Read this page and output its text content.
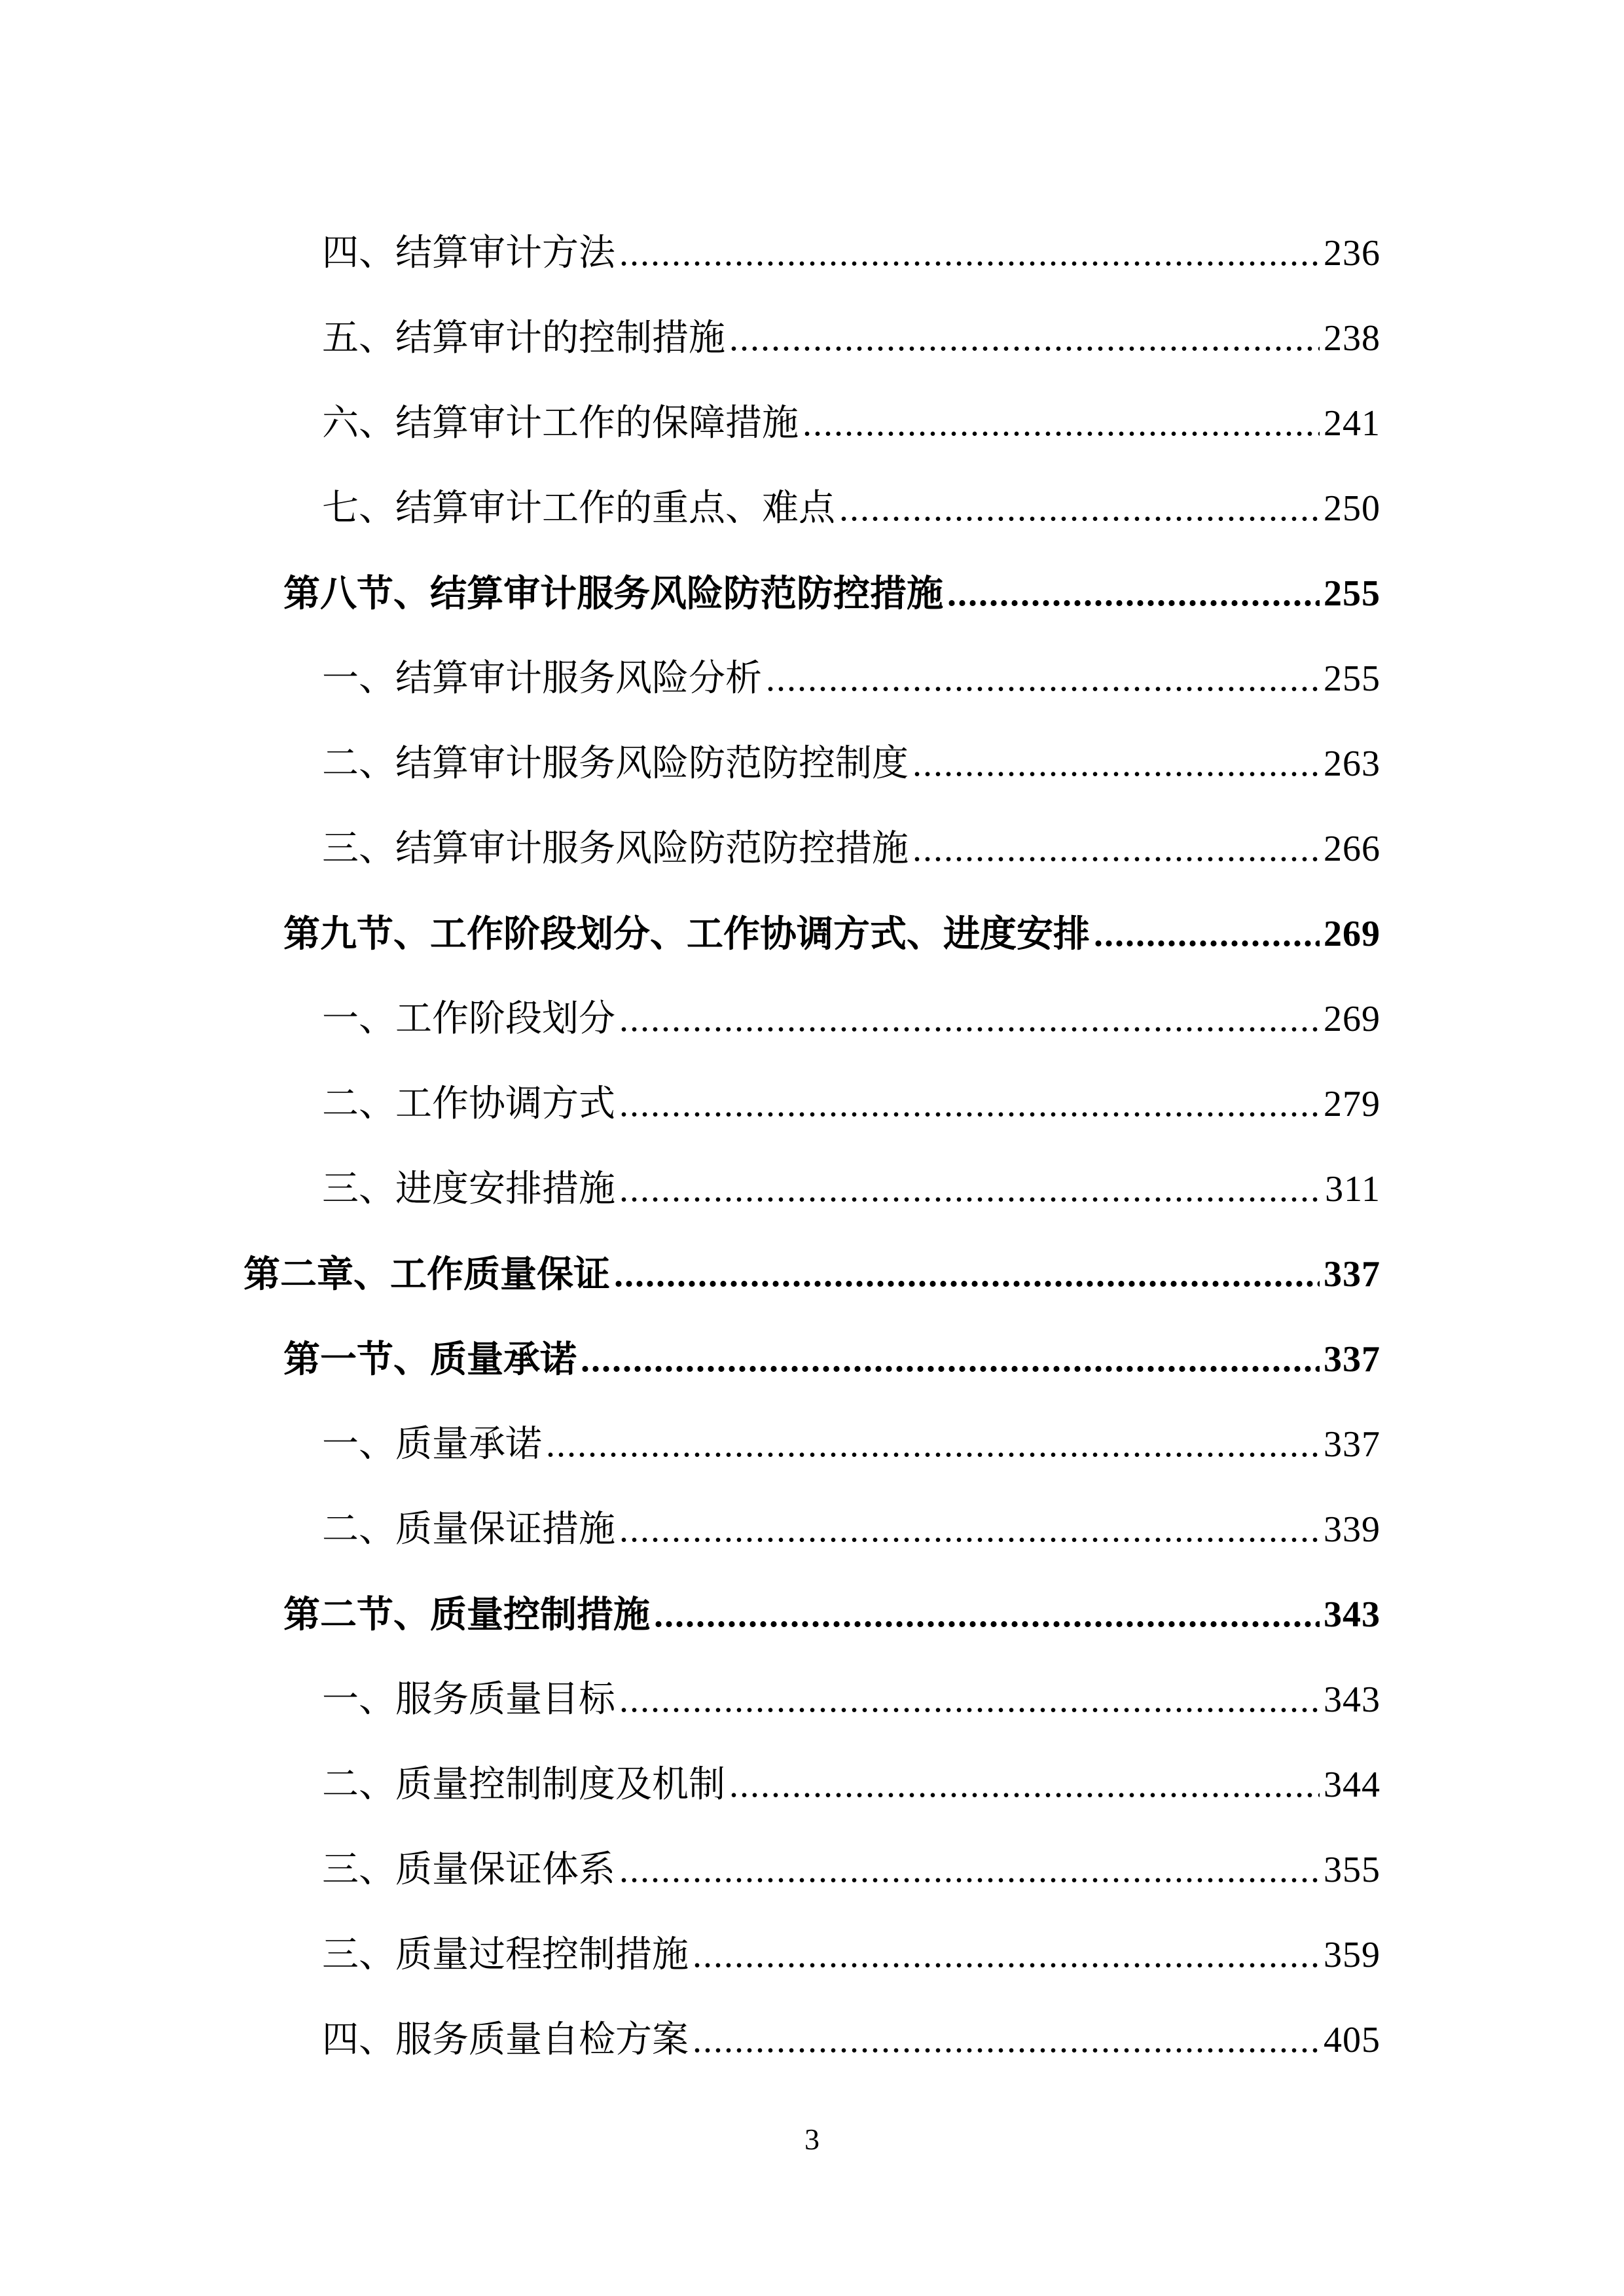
四、结算审计方法 .....	236
五、结算审计的控制措施 .....	238
六、结算审计工作的保障措施 .....	241
七、结算审计工作的重点、难点 .....	250
第八节、结算审计服务风险防范防控措施 .....	255
一、结算审计服务风险分析 .....	255
二、结算审计服务风险防范防控制度 .....	263
三、结算审计服务风险防范防控措施 .....	266
第九节、工作阶段划分、工作协调方式、进度安排 .....	269
一、工作阶段划分 .....	269
二、工作协调方式 .....	279
三、进度安排措施 .....	311
第二章、工作质量保证 .....	337
第一节、质量承诺 .....	337
一、质量承诺 .....	337
二、质量保证措施 .....	339
第二节、质量控制措施 .....	343
一、服务质量目标 .....	343
二、质量控制制度及机制 .....	344
三、质量保证体系 .....	355
三、质量过程控制措施 .....	359
四、服务质量自检方案 .....	405
3
